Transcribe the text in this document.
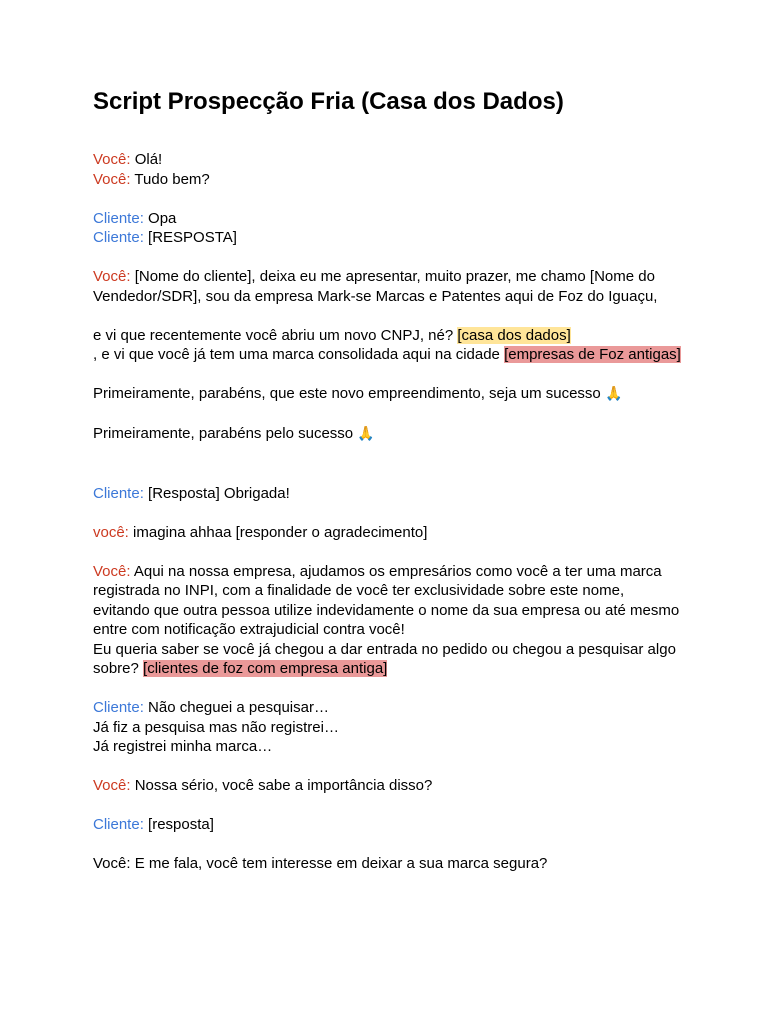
Script Prospecção Fria (Casa dos Dados)

Você: Olá!

Você: Tudo bem?

Cliente: Opa

Cliente: [RESPOSTA]

Você: [Nome do cliente], deixa eu me apresentar, muito prazer, me chamo [Nome do Vendedor/SDR], sou da empresa Mark-se Marcas e Patentes aqui de Foz do Iguaçu,

e vi que recentemente você abriu um novo CNPJ, né? [casa dos dados]

, e vi que você já tem uma marca consolidada aqui na cidade [empresas de Foz antigas]

Primeiramente, parabéns, que este novo empreendimento, seja um sucesso 🙏

Primeiramente, parabéns pelo sucesso 🙏

Cliente: [Resposta] Obrigada!

você: imagina ahhaa [responder o agradecimento]

Você: Aqui na nossa empresa, ajudamos os empresários como você a ter uma marca registrada no INPI, com a finalidade de você ter exclusividade sobre este nome, evitando que outra pessoa utilize indevidamente o nome da sua empresa ou até mesmo entre com notificação extrajudicial contra você!

Eu queria saber se você já chegou a dar entrada no pedido ou chegou a pesquisar algo sobre? [clientes de foz com empresa antiga]

Cliente: Não cheguei a pesquisar…

Já fiz a pesquisa mas não registrei…

Já registrei minha marca…

Você: Nossa sério, você sabe a importância disso?

Cliente: [resposta]

Você: E me fala, você tem interesse em deixar a sua marca segura?
